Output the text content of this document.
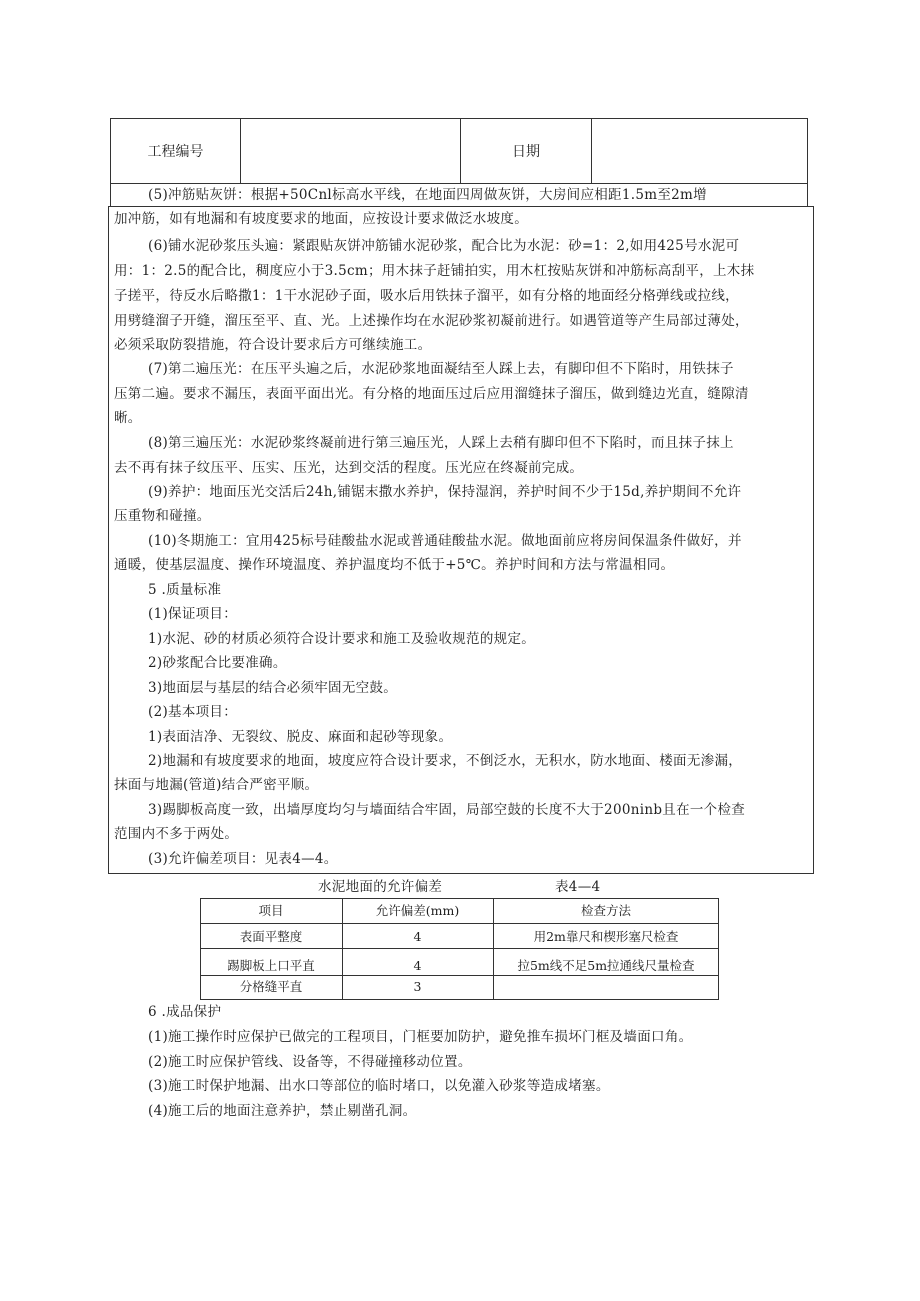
工程编号	日期
(5)冲筋贴灰饼：根据+50Cnl标高水平线，在地面四周做灰饼，大房间应相距1.5m至2m增
加冲筋，如有地漏和有坡度要求的地面，应按设计要求做泛水坡度。
(6)铺水泥砂浆压头遍：紧跟贴灰饼冲筋铺水泥砂浆，配合比为水泥：砂=1：2,如用425号水泥可
用：1：2.5的配合比，稠度应小于3.5cm；用木抹子赶铺拍实，用木杠按贴灰饼和冲筋标高刮平，上木抹
子搓平，待反水后略撒1：1干水泥砂子面，吸水后用铁抹子溜平，如有分格的地面经分格弹线或拉线，
用劈缝溜子开缝，溜压至平、直、光。上述操作均在水泥砂浆初凝前进行。如遇管道等产生局部过薄处，
必须采取防裂措施，符合设计要求后方可继续施工。
(7)第二遍压光：在压平头遍之后，水泥砂浆地面凝结至人踩上去，有脚印但不下陷时，用铁抹子
压第二遍。要求不漏压，表面平面出光。有分格的地面压过后应用溜缝抹子溜压，做到缝边光直，缝隙清
晰。
(8)第三遍压光：水泥砂浆终凝前进行第三遍压光，人踩上去稍有脚印但不下陷时，而且抹子抹上
去不再有抹子纹压平、压实、压光，达到交活的程度。压光应在终凝前完成。
(9)养护：地面压光交活后24h,铺锯末撒水养护，保持湿润，养护时间不少于15d,养护期间不允许
压重物和碰撞。
(10)冬期施工：宜用425标号硅酸盐水泥或普通硅酸盐水泥。做地面前应将房间保温条件做好，并
通暖，使基层温度、操作环境温度、养护温度均不低于+5℃。养护时间和方法与常温相同。
5 .质量标准
(1)保证项目：
1)水泥、砂的材质必须符合设计要求和施工及验收规范的规定。
2)砂浆配合比要准确。
3)地面层与基层的结合必须牢固无空鼓。
(2)基本项目：
1)表面洁净、无裂纹、脱皮、麻面和起砂等现象。
2)地漏和有坡度要求的地面，坡度应符合设计要求，不倒泛水，无积水，防水地面、楼面无渗漏，
抹面与地漏(管道)结合严密平顺。
3)踢脚板高度一致，出墙厚度均匀与墙面结合牢固，局部空鼓的长度不大于200ninb且在一个检查
范围内不多于两处。
(3)允许偏差项目：见表4—4。
水泥地面的允许偏差	表4—4
项目	允许偏差(mm)	检查方法
表面平整度	4	用2m靠尺和楔形塞尺检查
踢脚板上口平直	4	拉5m线不足5m拉通线尺量检查
分格缝平直	3
6 .成品保护
(1)施工操作时应保护已做完的工程项目，门框要加防护，避免推车损坏门框及墙面口角。
(2)施工时应保护管线、设备等，不得碰撞移动位置。
(3)施工时保护地漏、出水口等部位的临时堵口，以免灌入砂浆等造成堵塞。
(4)施工后的地面注意养护，禁止剔凿孔洞。
